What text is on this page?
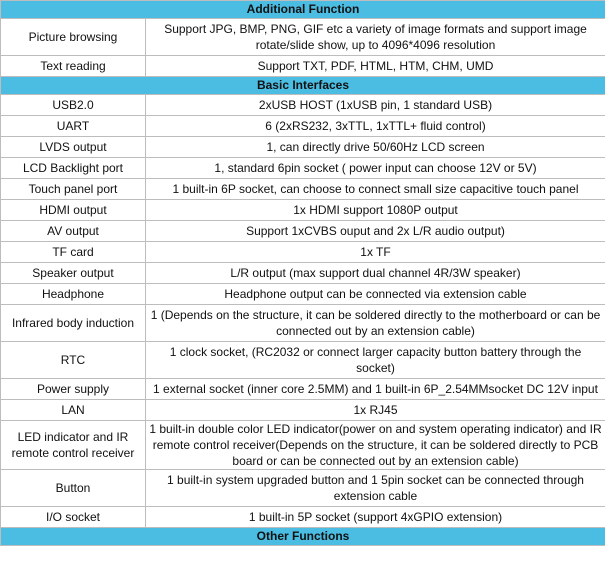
Additional Function	
Picture browsing	Support JPG, BMP, PNG, GIF etc a variety of image formats and support image rotate/slide show, up to 4096*4096 resolution
Text reading	Support TXT, PDF, HTML, HTM, CHM, UMD
Basic Interfaces	
USB2.0	2xUSB HOST (1xUSB pin, 1 standard USB)
UART	6 (2xRS232, 3xTTL, 1xTTL+ fluid control)
LVDS output	1, can directly drive 50/60Hz LCD screen
LCD Backlight port	1, standard 6pin socket ( power input can choose 12V or 5V)
Touch panel port	1 built-in 6P socket, can choose to connect small size capacitive touch panel
HDMI output	1x HDMI support 1080P output
AV output	Support 1xCVBS ouput and 2x L/R audio output)
TF card	1x TF
Speaker output	L/R output (max support dual channel 4R/3W speaker)
Headphone	Headphone output can be connected via extension cable
Infrared body induction	1 (Depends on the structure, it can be soldered directly to the motherboard or can be connected out by an extension cable)
RTC	1 clock socket, (RC2032 or connect larger capacity button battery through the socket)
Power supply	1 external socket (inner core 2.5MM) and 1 built-in 6P_2.54MMsocket DC 12V input
LAN	1x RJ45
LED indicator and IR remote control receiver	1 built-in double color LED indicator(power on and system operating indicator) and IR remote control receiver(Depends on the structure, it can be soldered directly to PCB board or can be connected out by an extension cable)
Button	1 built-in system upgraded button and 1 5pin socket can be connected through extension cable
I/O socket	1 built-in 5P socket (support 4xGPIO extension)
Other Functions	
